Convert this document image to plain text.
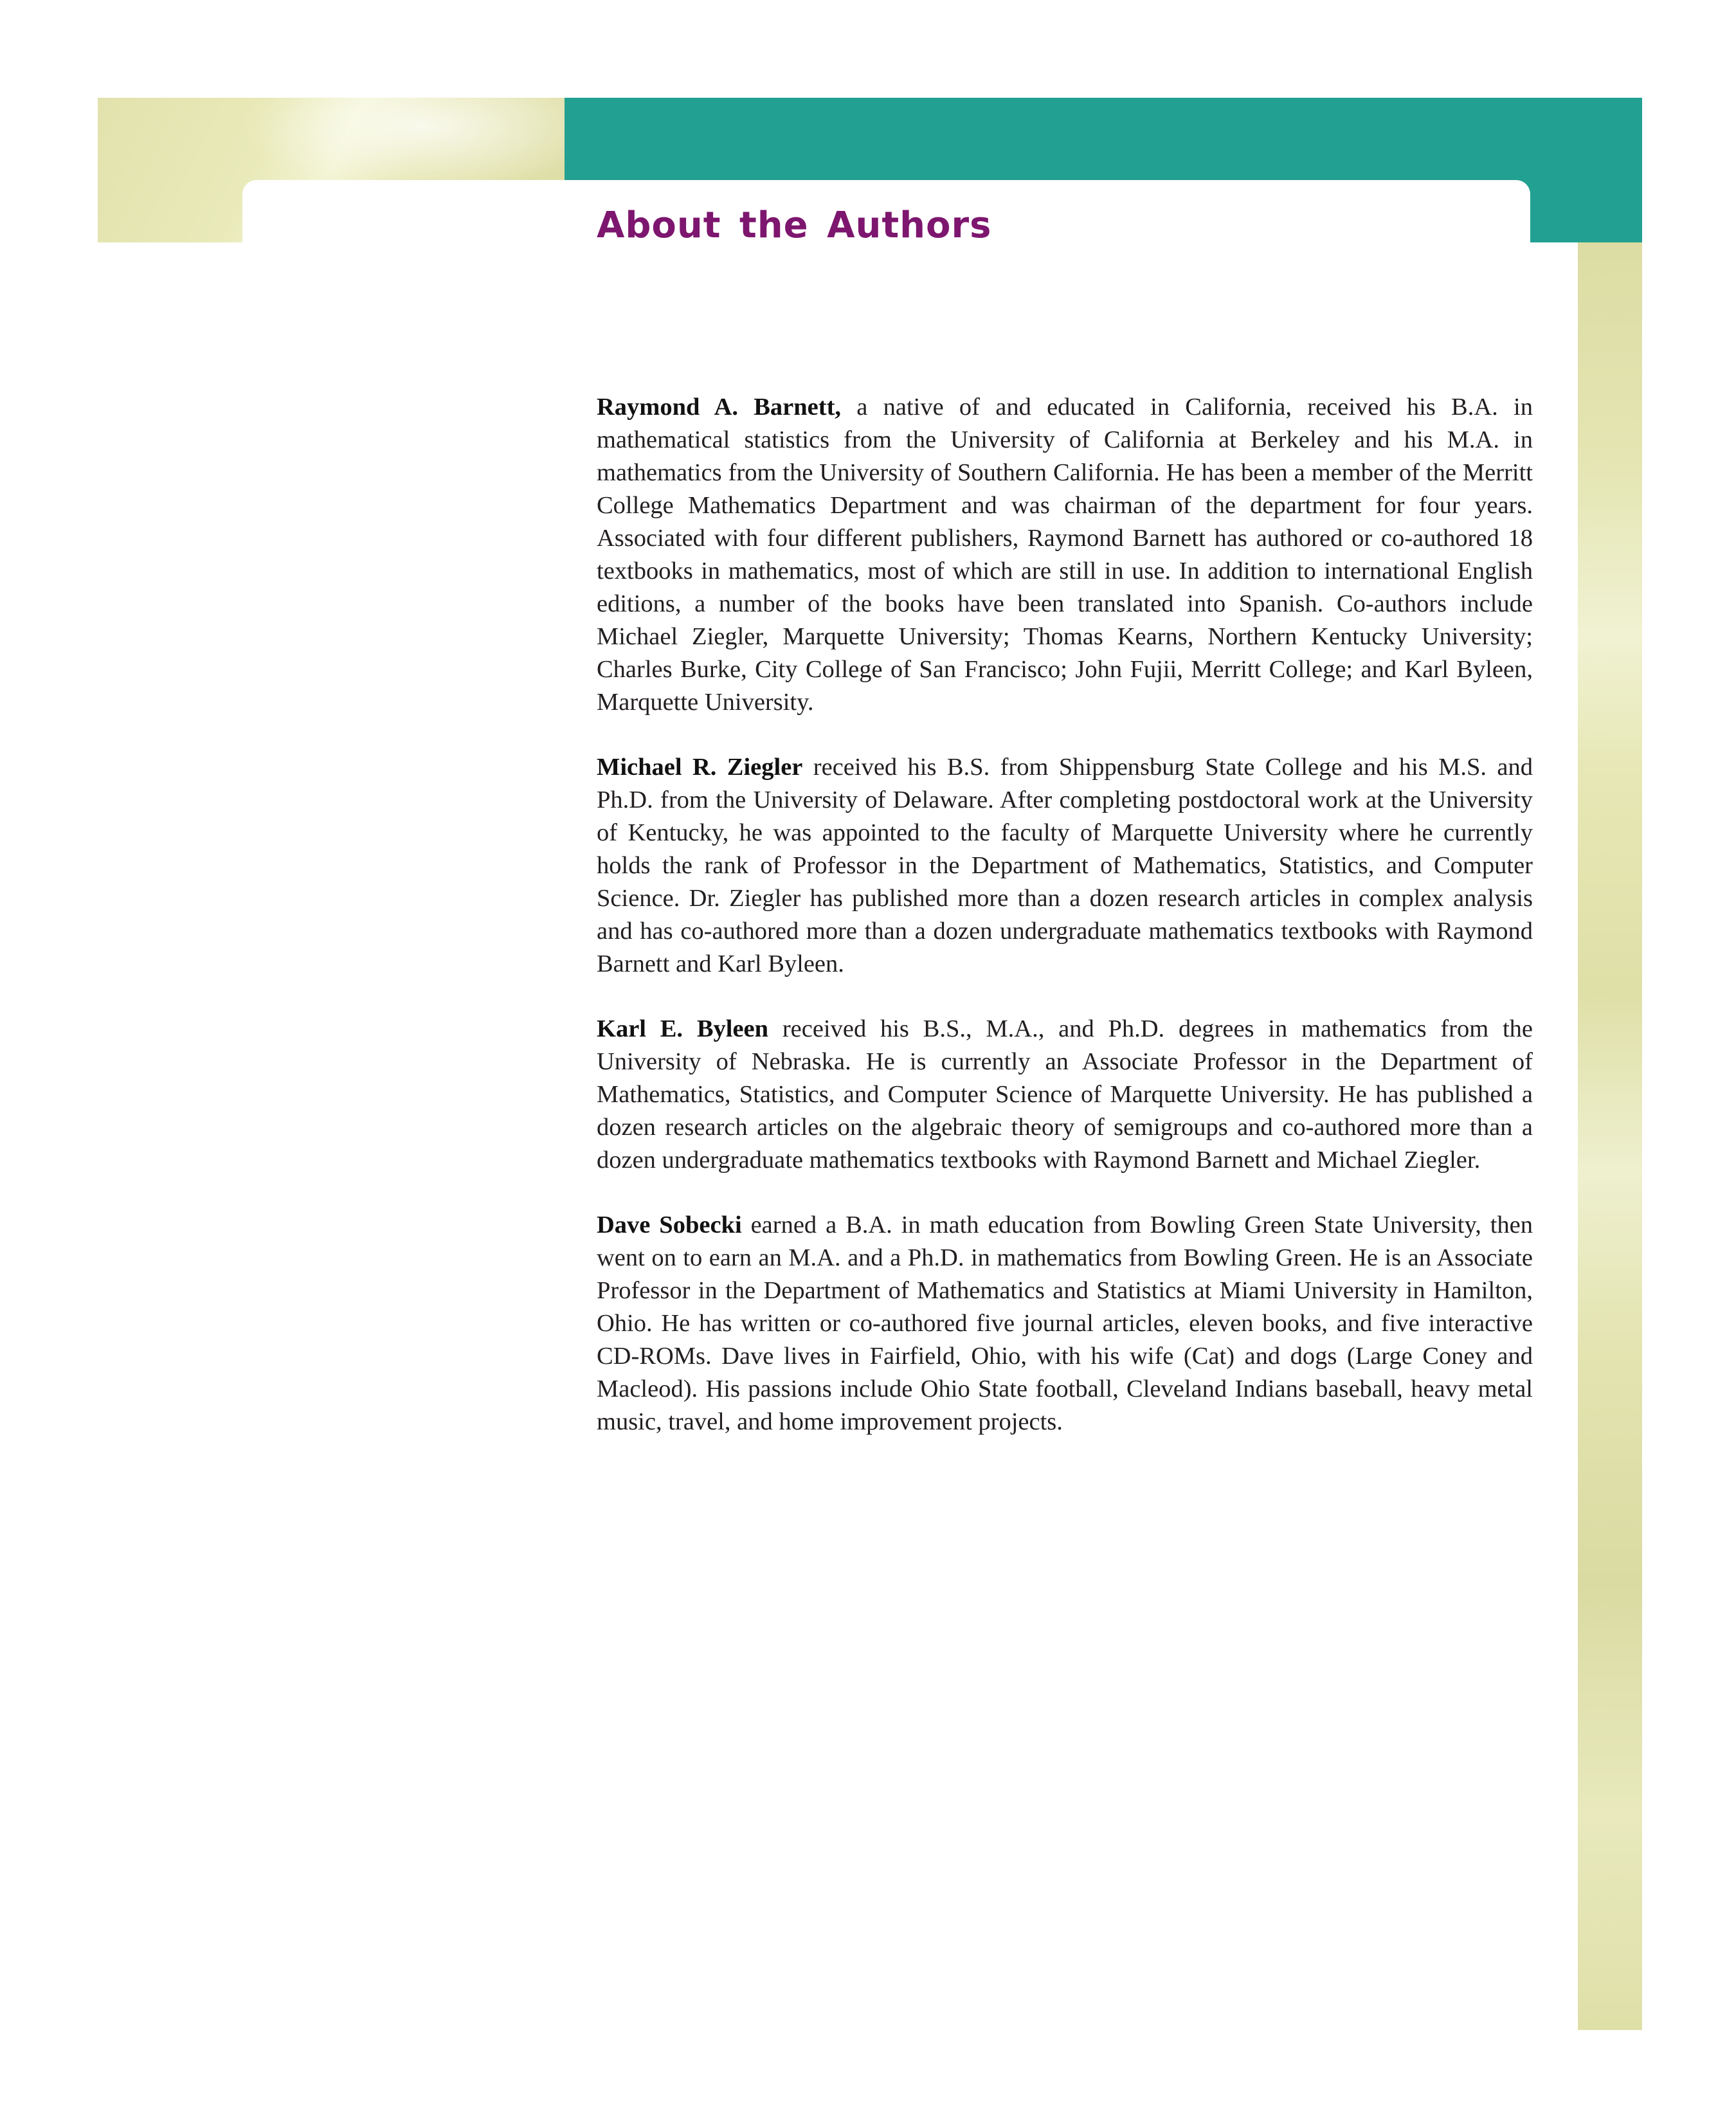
About the Authors

Raymond A. Barnett, a native of and educated in California, received his B.A. in mathematical statistics from the University of California at Berkeley and his M.A. in mathematics from the University of Southern California. He has been a member of the Merritt College Mathematics Department and was chairman of the department for four years. Associated with four different publishers, Raymond Barnett has authored or co-authored 18 textbooks in mathematics, most of which are still in use. In addition to international English editions, a number of the books have been translated into Spanish. Co-authors include Michael Ziegler, Marquette University; Thomas Kearns, Northern Kentucky University; Charles Burke, City College of San Francisco; John Fujii, Merritt College; and Karl Byleen, Marquette University.

Michael R. Ziegler received his B.S. from Shippensburg State College and his M.S. and Ph.D. from the University of Delaware. After completing postdoctoral work at the University of Kentucky, he was appointed to the faculty of Marquette University where he currently holds the rank of Professor in the Department of Mathematics, Statistics, and Computer Science. Dr. Ziegler has published more than a dozen research articles in complex analysis and has co-authored more than a dozen undergraduate mathematics textbooks with Raymond Barnett and Karl Byleen.

Karl E. Byleen received his B.S., M.A., and Ph.D. degrees in mathematics from the University of Nebraska. He is currently an Associate Professor in the Department of Mathematics, Statistics, and Computer Science of Marquette University. He has published a dozen research articles on the algebraic theory of semigroups and co-authored more than a dozen undergraduate mathematics textbooks with Raymond Barnett and Michael Ziegler.

Dave Sobecki earned a B.A. in math education from Bowling Green State University, then went on to earn an M.A. and a Ph.D. in mathematics from Bowling Green. He is an Associate Professor in the Department of Mathematics and Statistics at Miami University in Hamilton, Ohio. He has written or co-authored five journal articles, eleven books, and five interactive CD-ROMs. Dave lives in Fairfield, Ohio, with his wife (Cat) and dogs (Large Coney and Macleod). His passions include Ohio State football, Cleveland Indians baseball, heavy metal music, travel, and home improvement projects.
